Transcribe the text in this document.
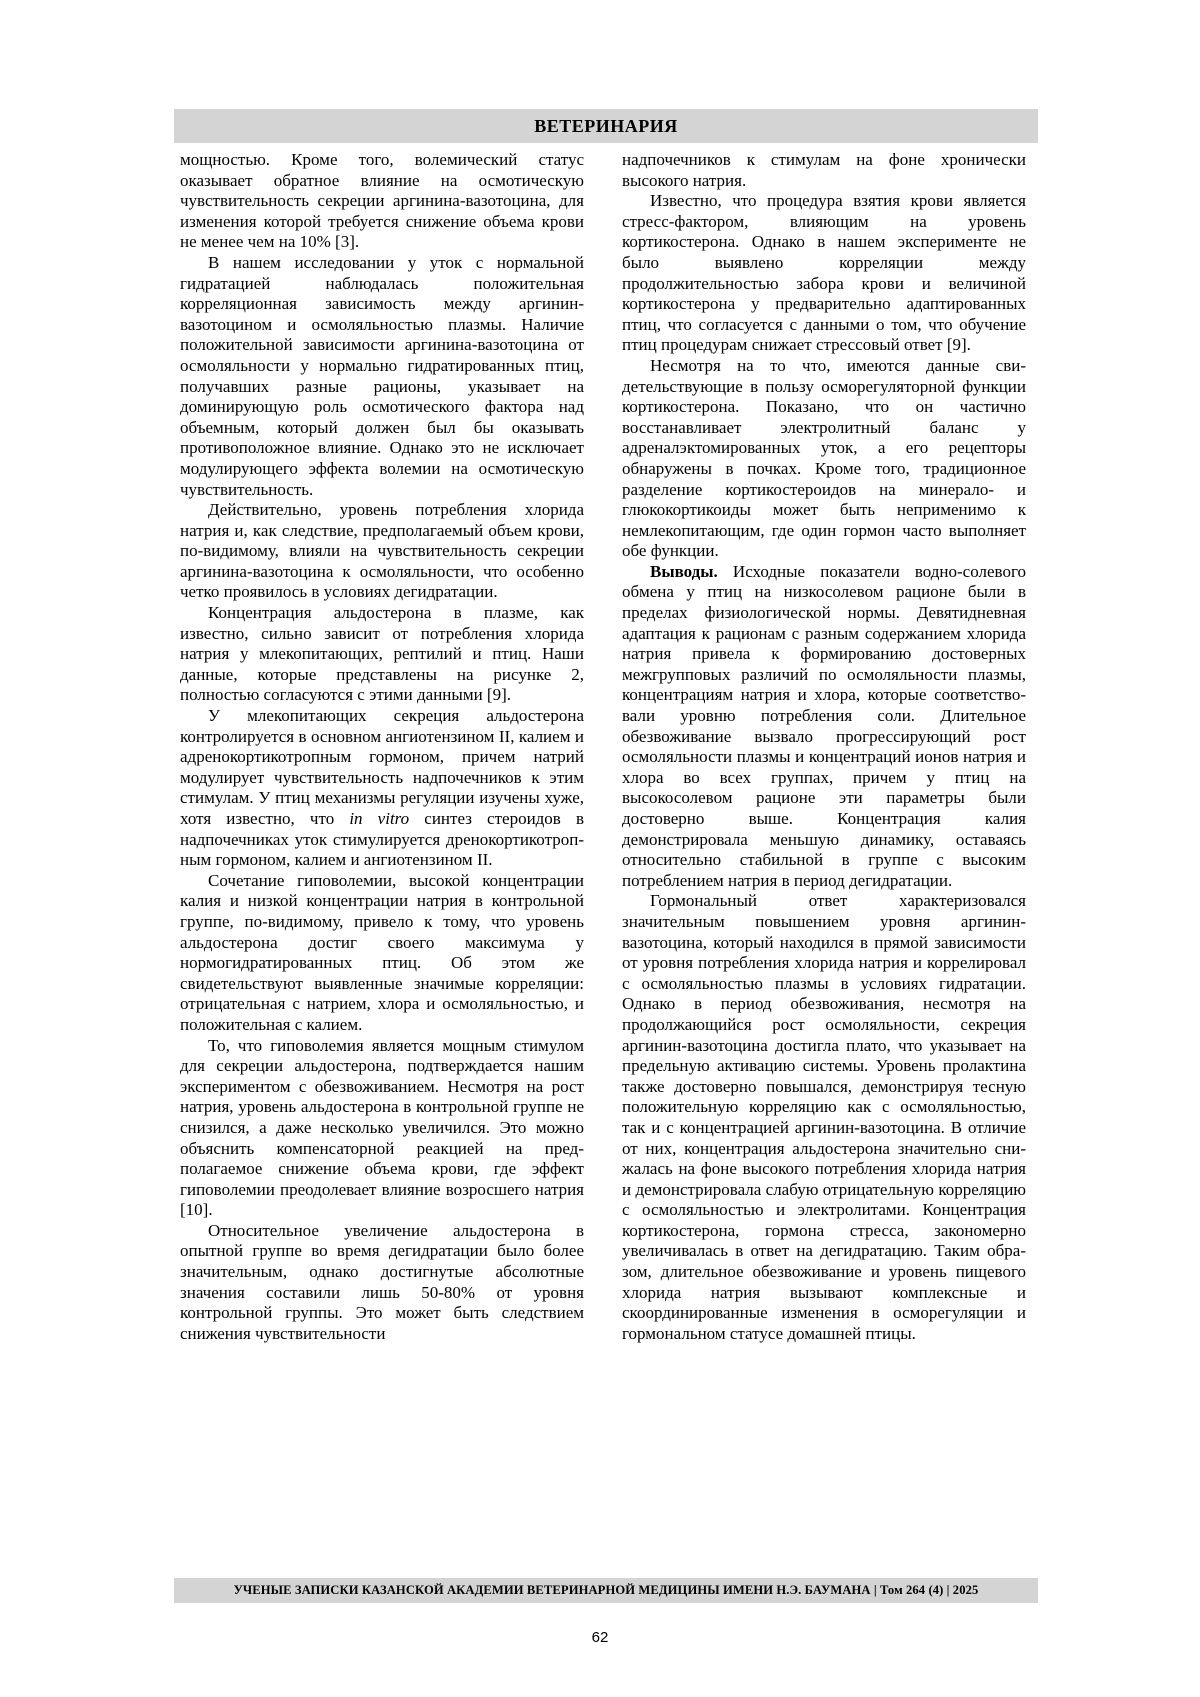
ВЕТЕРИНАРИЯ

мощностью. Кроме того, волемический статус оказывает обратное влияние на осмотическую чувствительность секреции аргинина-вазотоцина, для изменения которой требуется снижение объема крови не менее чем на 10% [3].

В нашем исследовании у уток с нормальной гидратацией наблюдалась положительная корреляционная зависимость между аргинин-вазотоцином и осмоляльностью плазмы. Наличие положительной зависимости аргинина-вазотоцина от осмоляльности у нормально гидратированных птиц, получавших разные рационы, указывает на доминирующую роль осмотического фактора над объемным, который должен был бы оказывать противоположное влияние. Однако это не исключает модулирующего эффекта волемии на осмотическую чувствительность.

Действительно, уровень потребления хлорида натрия и, как следствие, предполагаемый объем крови, по-видимому, влияли на чувствительность секреции аргинина-вазотоцина к осмоляльности, что особенно четко проявилось в условиях дегидратации.

Концентрация альдостерона в плазме, как известно, сильно зависит от потребления хлорида натрия у млекопитающих, рептилий и птиц. Наши данные, которые представлены на рисунке 2, полностью согласуются с этими данными [9].

У млекопитающих секреция альдостерона контролируется в основном ангиотензином II, калием и адренокортикотропным гормоном, причем натрий модулирует чувствительность надпочечников к этим стимулам. У птиц механизмы регуляции изучены хуже, хотя известно, что in vitro синтез стероидов в надпочечниках уток стимулируется дренокортикотропным гормоном, калием и ангиотензином II.

Сочетание гиповолемии, высокой концентрации калия и низкой концентрации натрия в контрольной группе, по-видимому, привело к тому, что уровень альдостерона достиг своего максимума у нормогидратированных птиц. Об этом же свидетельствуют выявленные значимые корреляции: отрицательная с натрием, хлора и осмоляльностью, и положительная с калием.

То, что гиповолемия является мощным стимулом для секреции альдостерона, подтверждается нашим экспериментом с обезвоживанием. Несмотря на рост натрия, уровень альдостерона в контрольной группе не снизился, а даже несколько увеличился. Это можно объяснить компенсаторной реакцией на предполагаемое снижение объема крови, где эффект гиповолемии преодолевает влияние возросшего натрия [10].

Относительное увеличение альдостерона в опытной группе во время дегидратации было более значительным, однако достигнутые абсолютные значения составили лишь 50-80% от уровня контрольной группы. Это может быть следствием снижения чувствительности

надпочечников к стимулам на фоне хронически высокого натрия.

Известно, что процедура взятия крови является стресс-фактором, влияющим на уровень кортикостерона. Однако в нашем эксперименте не было выявлено корреляции между продолжительностью забора крови и величиной кортикостерона у предварительно адаптированных птиц, что согласуется с данными о том, что обучение птиц процедурам снижает стрессовый ответ [9].

Несмотря на то что, имеются данные свидетельствующие в пользу осморегуляторной функции кортикостерона. Показано, что он частично восстанавливает электролитный баланс у адреналэктомированных уток, а его рецепторы обнаружены в почках. Кроме того, традиционное разделение кортикостероидов на минерало- и глюкокортикоиды может быть неприменимо к немлекопитающим, где один гормон часто выполняет обе функции.

Выводы. Исходные показатели водно-солевого обмена у птиц на низкосолевом рационе были в пределах физиологической нормы. Девятидневная адаптация к рационам с разным содержанием хлорида натрия привела к формированию достоверных межгрупповых различий по осмоляльности плазмы, концентрациям натрия и хлора, которые соответствовали уровню потребления соли. Длительное обезвоживание вызвало прогрессирующий рост осмоляльности плазмы и концентраций ионов натрия и хлора во всех группах, причем у птиц на высокосолевом рационе эти параметры были достоверно выше. Концентрация калия демонстрировала меньшую динамику, оставаясь относительно стабильной в группе с высоким потреблением натрия в период дегидратации.

Гормональный ответ характеризовался значительным повышением уровня аргинин-вазотоцина, который находился в прямой зависимости от уровня потребления хлорида натрия и коррелировал с осмоляльностью плазмы в условиях гидратации. Однако в период обезвоживания, несмотря на продолжающийся рост осмоляльности, секреция аргинин-вазотоцина достигла плато, что указывает на предельную активацию системы. Уровень пролактина также достоверно повышался, демонстрируя тесную положительную корреляцию как с осмоляльностью, так и с концентрацией аргинин-вазотоцина. В отличие от них, концентрация альдостерона значительно снижалась на фоне высокого потребления хлорида натрия и демонстрировала слабую отрицательную корреляцию с осмоляльностью и электролитами. Концентрация кортикостерона, гормона стресса, закономерно увеличивалась в ответ на дегидратацию. Таким образом, длительное обезвоживание и уровень пищевого хлорида натрия вызывают комплексные и скоординированные изменения в осморегуляции и гормональном статусе домашней птицы.

УЧЕНЫЕ ЗАПИСКИ КАЗАНСКОЙ АКАДЕМИИ ВЕТЕРИНАРНОЙ МЕДИЦИНЫ ИМЕНИ Н.Э. БАУМАНА | Том 264 (4) | 2025
62
